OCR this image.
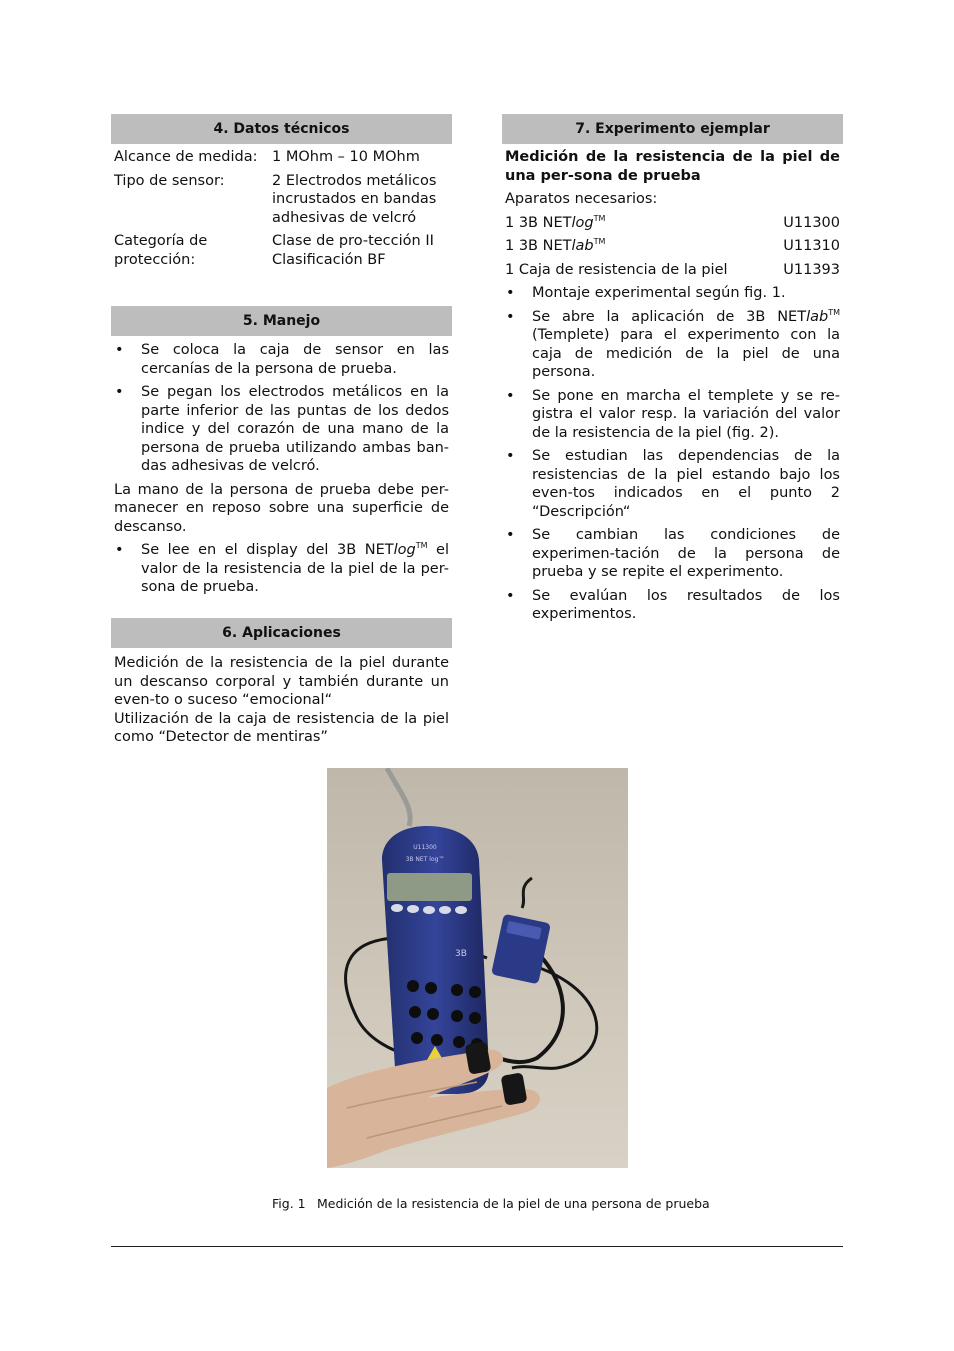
4. Datos técnicos
Alcance de medida:	1 MOhm – 10 MOhm
Tipo de sensor:	2 Electrodos metálicos incrustados en bandas adhesivas de velcró
Categoría de protección:	Clase de pro-tección II Clasificación BF
5. Manejo
• Se coloca la caja de sensor en las cercanías de la persona de prueba.
• Se pegan los electrodos metálicos en la parte inferior de las puntas de los dedos indice y del corazón de una mano de la persona de prueba utilizando ambas ban-das adhesivas de velcró.

La mano de la persona de prueba debe per-manecer en reposo sobre una superficie de descanso.

• Se lee en el display del 3B NETlog™ el valor de la resistencia de la piel de la per-sona de prueba.
6. Aplicaciones

Medición de la resistencia de la piel durante un descanso corporal y también durante un even-to o suceso “emocional“

Utilización de la caja de resistencia de la piel como “Detector de mentiras”

7. Experimento ejemplar

Medición de la resistencia de la piel de una per-sona de prueba

Aparatos necesarios:

1 3B NETlog™	U11300
1 3B NETlab™	U11310
1 Caja de resistencia de la piel	U11393
• Montaje experimental según fig. 1.
• Se abre la aplicación de 3B NETlab™ (Templete) para el experimento con la caja de medición de la piel de una persona.
• Se pone en marcha el templete y se re-gistra el valor resp. la variación del valor de la resistencia de la piel (fig. 2).
• Se estudian las dependencias de la resistencias de la piel estando bajo los even-tos indicados en el punto 2 “Descripción“
• Se cambian las condiciones de experimen-tación de la persona de prueba y se repite el experimento.
• Se evalúan los resultados de los experimentos.
U11300
3B NET log™
3B
Fig. 1 Medición de la resistencia de la piel de una persona de prueba
